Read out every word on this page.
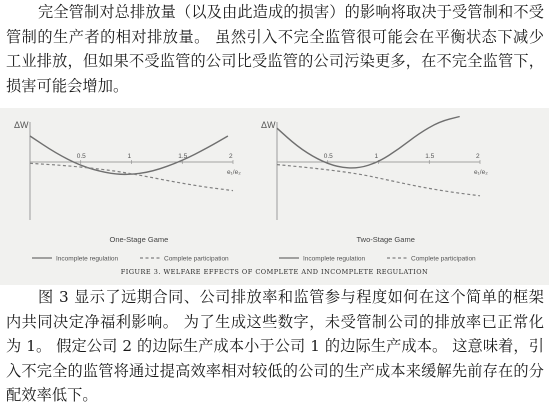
完全管制对总排放量（以及由此造成的损害）的影响将取决于受管制和不受管制的生产者的相对排放量。 虽然引入不完全监管很可能会在平衡状态下减少工业排放，但如果不受监管的公司比受监管的公司污染更多，在不完全监管下，损害可能会增加。

ΔW
e₁/e₂
0.5	1	1.5	2
One-Stage Game
Incomplete regulation	Complete participation
ΔW
e₁/e₂
0.5	1	1.5	2
Two-Stage Game
Incomplete regulation	Complete participation
FIGURE 3. WELFARE EFFECTS OF COMPLETE AND INCOMPLETE REGULATION

图 3 显示了远期合同、公司排放率和监管参与程度如何在这个简单的框架内共同决定净福利影响。 为了生成这些数字，未受管制公司的排放率已正常化为 1。 假定公司 2 的边际生产成本小于公司 1 的边际生产成本。 这意味着，引入不完全的监管将通过提高效率相对较低的公司的生产成本来缓解先前存在的分配效率低下。
